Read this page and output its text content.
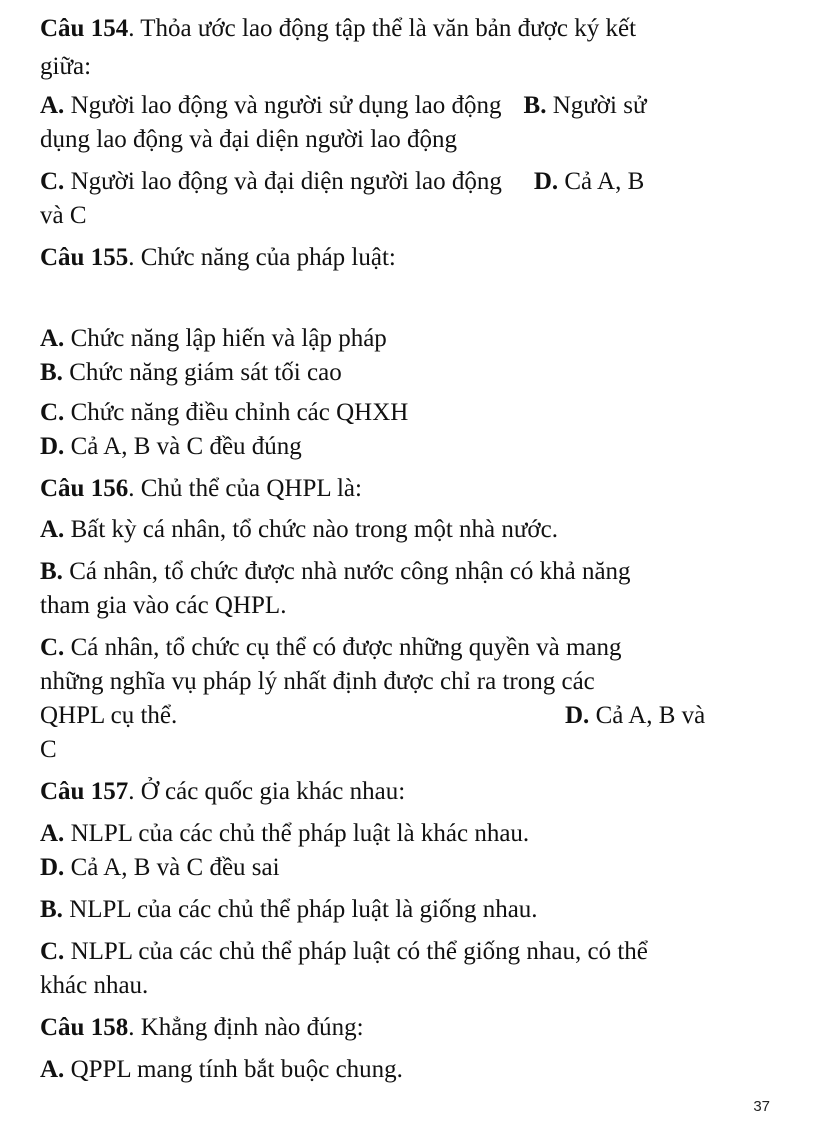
Câu 154. Thỏa ước lao động tập thể là văn bản được ký kết
giữa:
A. Người lao động và người sử dụng lao động B. Người sử
dụng lao động và đại diện người lao động
C. Người lao động và đại diện người lao động D. Cả A, B
và C
Câu 155. Chức năng của pháp luật:
A. Chức năng lập hiến và lập pháp
B. Chức năng giám sát tối cao
C. Chức năng điều chỉnh các QHXH
D. Cả A, B và C đều đúng
Câu 156. Chủ thể của QHPL là:
A. Bất kỳ cá nhân, tổ chức nào trong một nhà nước.
B. Cá nhân, tổ chức được nhà nước công nhận có khả năng
tham gia vào các QHPL.
C. Cá nhân, tổ chức cụ thể có được những quyền và mang
những nghĩa vụ pháp lý nhất định được chỉ ra trong các
QHPL cụ thể.	D. Cả A, B và
C
Câu 157. Ở các quốc gia khác nhau:
A. NLPL của các chủ thể pháp luật là khác nhau.
D. Cả A, B và C đều sai
B. NLPL của các chủ thể pháp luật là giống nhau.
C. NLPL của các chủ thể pháp luật có thể giống nhau, có thể
khác nhau.
Câu 158. Khẳng định nào đúng:
A. QPPL mang tính bắt buộc chung.
37
